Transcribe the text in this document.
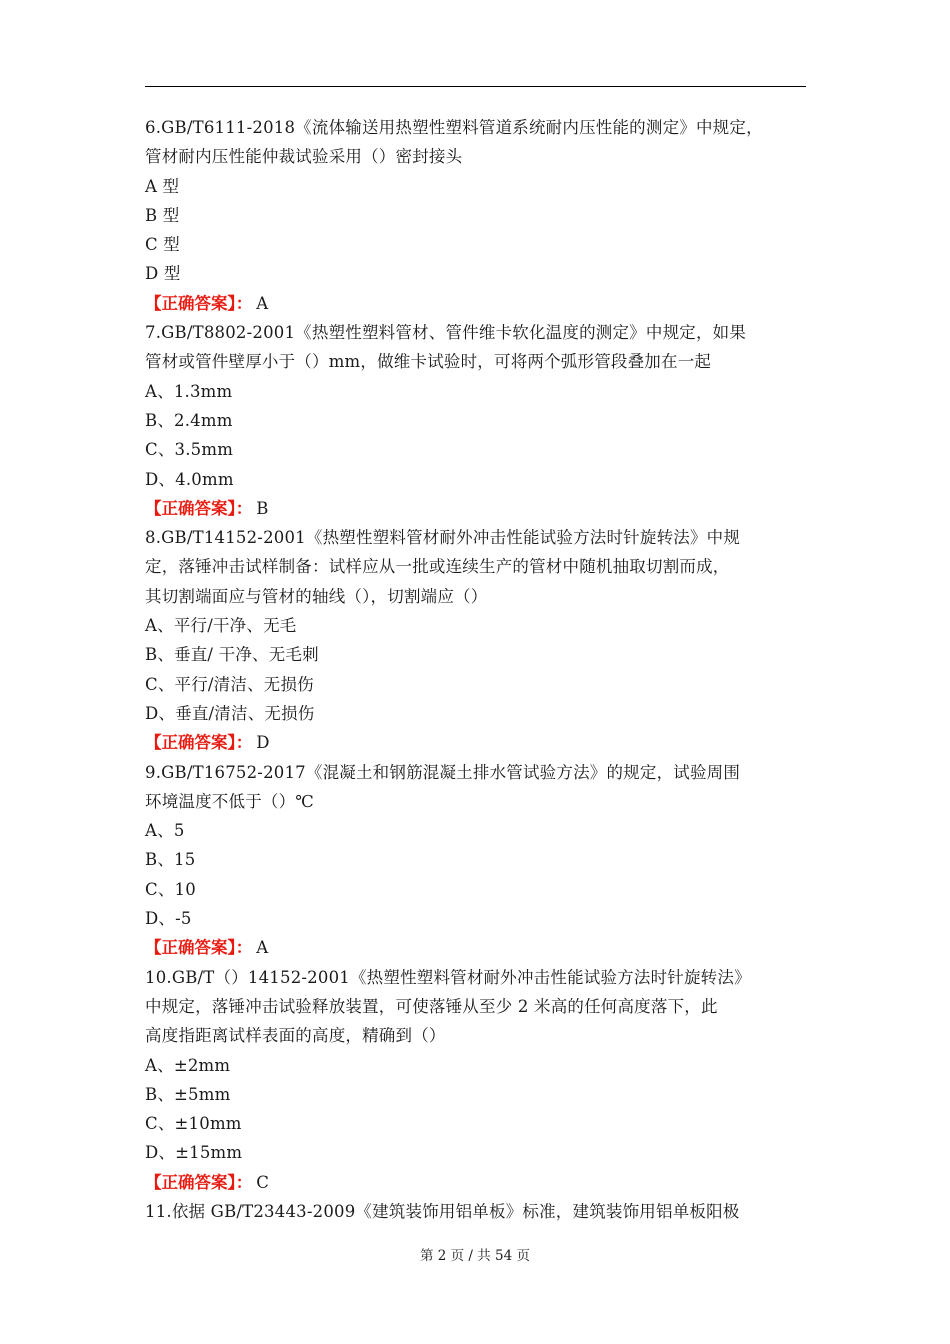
6.GB/T6111-2018《流体输送用热塑性塑料管道系统耐内压性能的测定》中规定，
管材耐内压性能仲裁试验采用（）密封接头
A 型
B 型
C 型
D 型
【正确答案】： A
7.GB/T8802-2001《热塑性塑料管材、管件维卡软化温度的测定》中规定，如果
管材或管件壁厚小于（）mm，做维卡试验时，可将两个弧形管段叠加在一起
A、1.3mm
B、2.4mm
C、3.5mm
D、4.0mm
【正确答案】： B
8.GB/T14152-2001《热塑性塑料管材耐外冲击性能试验方法时针旋转法》中规
定，落锤冲击试样制备：试样应从一批或连续生产的管材中随机抽取切割而成，
其切割端面应与管材的轴线（），切割端应（）
A、平行/干净、无毛
B、垂直/ 干净、无毛刺
C、平行/清洁、无损伤
D、垂直/清洁、无损伤
【正确答案】： D
9.GB/T16752-2017《混凝土和钢筋混凝土排水管试验方法》的规定，试验周围
环境温度不低于（）℃
A、5
B、15
C、10
D、-5
【正确答案】： A
10.GB/T（）14152-2001《热塑性塑料管材耐外冲击性能试验方法时针旋转法》
中规定，落锤冲击试验释放装置，可使落锤从至少 2 米高的任何高度落下，此
高度指距离试样表面的高度，精确到（）
A、±2mm
B、±5mm
C、±10mm
D、±15mm
【正确答案】： C
11.依据 GB/T23443-2009《建筑装饰用铝单板》标准，建筑装饰用铝单板阳极
第 2 页 / 共 54 页
